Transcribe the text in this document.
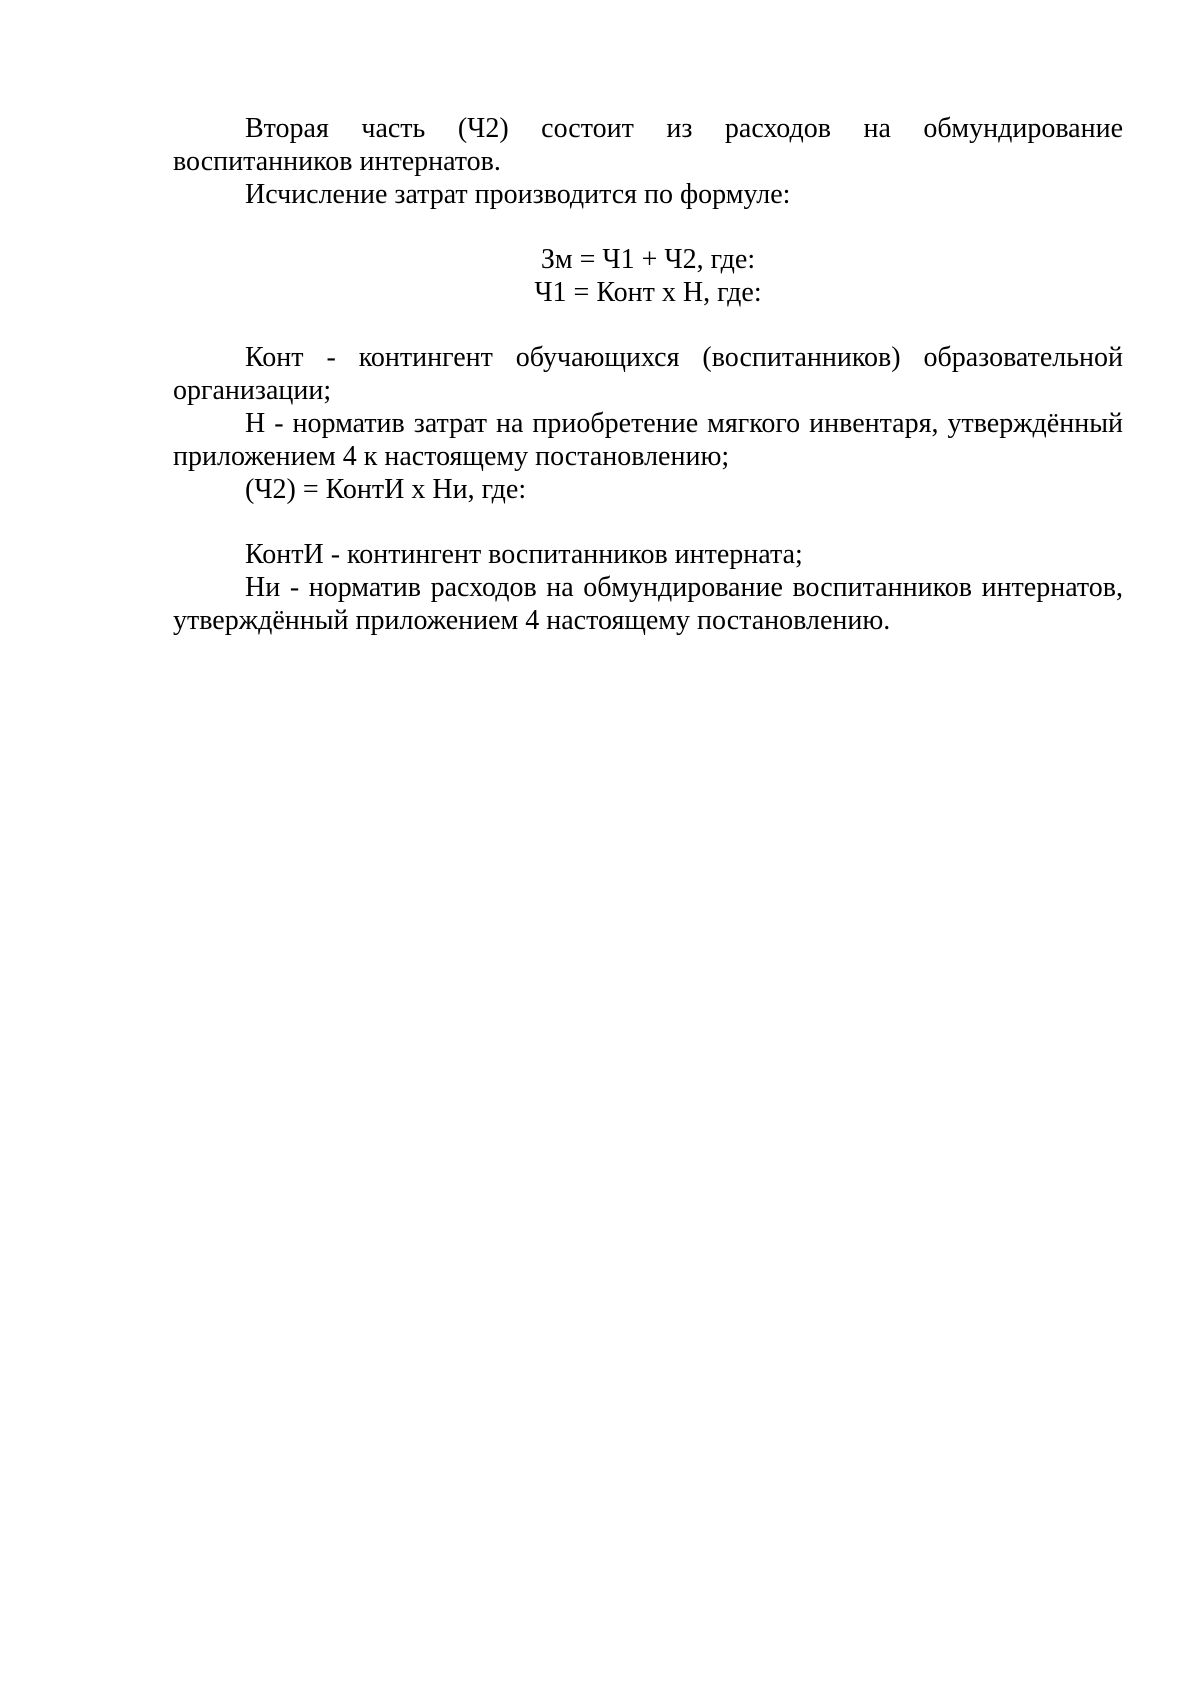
Вторая часть (Ч2) состоит из расходов на обмундирование воспитанников интернатов.

Исчисление затрат производится по формуле:

Зм = Ч1 + Ч2, где:

Ч1 = Конт х Н, где:

Конт - контингент обучающихся (воспитанников) образовательной организации;

Н - норматив затрат на приобретение мягкого инвентаря, утверждённый приложением 4 к настоящему постановлению;

(Ч2) = КонтИ х Ни, где:

КонтИ - контингент воспитанников интерната;

Ни - норматив расходов на обмундирование воспитанников интернатов, утверждённый приложением 4 настоящему постановлению.
